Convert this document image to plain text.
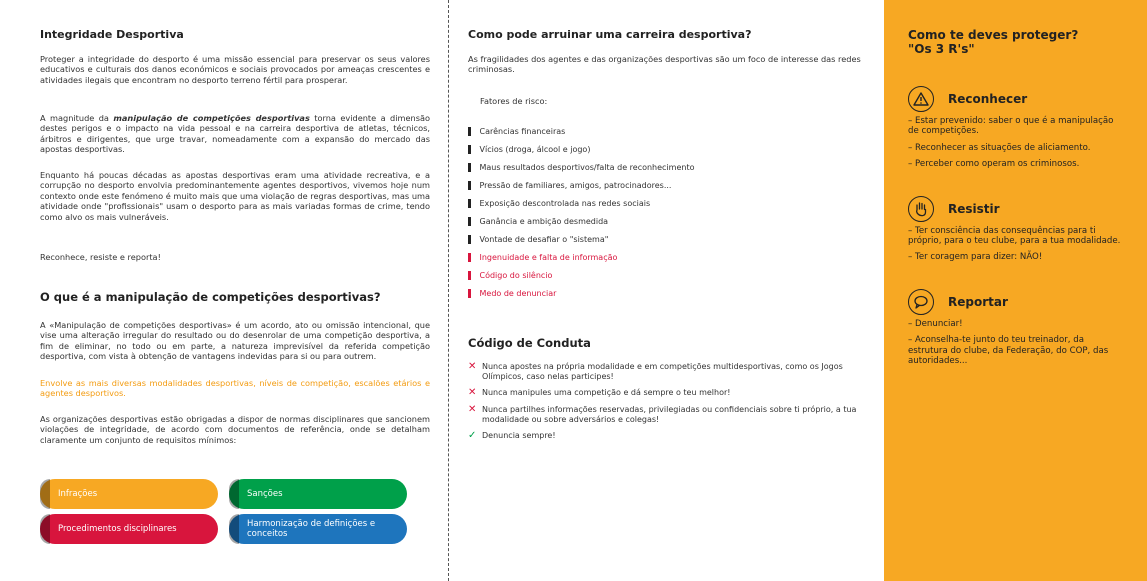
Integridade Desportiva

Proteger a integridade do desporto é uma missão essencial para preservar os seus valores educativos e culturais dos danos económicos e sociais provocados por ameaças crescentes e atividades ilegais que encontram no desporto terreno fértil para prosperar.

A magnitude da manipulação de competições desportivas torna evidente a dimensão destes perigos e o impacto na vida pessoal e na carreira desportiva de atletas, técnicos, árbitros e dirigentes, que urge travar, nomeadamente com a expansão do mercado das apostas desportivas.

Enquanto há poucas décadas as apostas desportivas eram uma atividade recreativa, e a corrupção no desporto envolvia predominantemente agentes desportivos, vivemos hoje num contexto onde este fenómeno é muito mais que uma violação de regras desportivas, mas uma atividade onde "profissionais" usam o desporto para as mais variadas formas de crime, tendo como alvo os mais vulneráveis.

Reconhece, resiste e reporta!

O que é a manipulação de competições desportivas?

A «Manipulação de competições desportivas» é um acordo, ato ou omissão intencional, que vise uma alteração irregular do resultado ou do desenrolar de uma competição desportiva, a fim de eliminar, no todo ou em parte, a natureza imprevisível da referida competição desportiva, com vista à obtenção de vantagens indevidas para si ou para outrem.

Envolve as mais diversas modalidades desportivas, níveis de competição, escalões etários e agentes desportivos.

As organizações desportivas estão obrigadas a dispor de normas disciplinares que sancionem violações de integridade, de acordo com documentos de referência, onde se detalham claramente um conjunto de requisitos mínimos:

Infrações	Sanções
Procedimentos disciplinares	Harmonização de definições e conceitos
Como pode arruinar uma carreira desportiva?

As fragilidades dos agentes e das organizações desportivas são um foco de interesse das redes criminosas.

Fatores de risco:

Carências financeiras
Vícios (droga, álcool e jogo)
Maus resultados desportivos/falta de reconhecimento
Pressão de familiares, amigos, patrocinadores...
Exposição descontrolada nas redes sociais
Ganância e ambição desmedida
Vontade de desafiar o "sistema"
Ingenuidade e falta de informação
Código do silêncio
Medo de denunciar
Código de Conduta
✕ Nunca apostes na própria modalidade e em competições multidesportivas, como os Jogos Olímpicos, caso nelas participes!
✕ Nunca manipules uma competição e dá sempre o teu melhor!
✕ Nunca partilhes informações reservadas, privilegiadas ou confidenciais sobre ti próprio, a tua modalidade ou sobre adversários e colegas!
✓ Denuncia sempre!
Como te deves proteger?
"Os 3 R's"
Reconhecer
– Estar prevenido: saber o que é a manipulação de competições.
– Reconhecer as situações de aliciamento.
– Perceber como operam os criminosos.
Resistir
– Ter consciência das consequências para ti próprio, para o teu clube, para a tua modalidade.
– Ter coragem para dizer: NÃO!
Reportar
– Denunciar!
– Aconselha-te junto do teu treinador, da estrutura do clube, da Federação, do COP, das autoridades...
